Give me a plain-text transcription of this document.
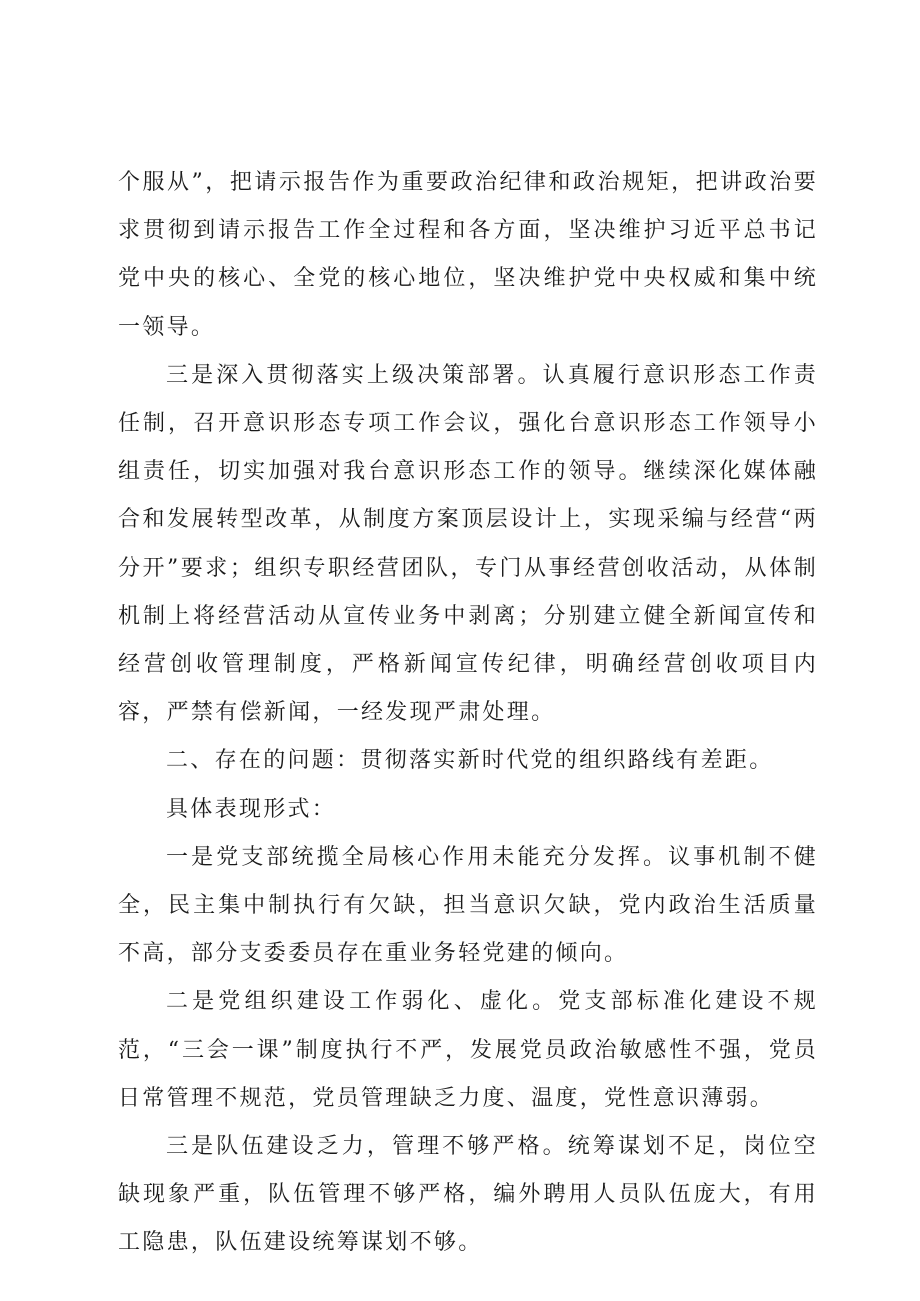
个服从”，把请示报告作为重要政治纪律和政治规矩，把讲政治要求贯彻到请示报告工作全过程和各方面，坚决维护习近平总书记党中央的核心、全党的核心地位，坚决维护党中央权威和集中统一领导。

三是深入贯彻落实上级决策部署。认真履行意识形态工作责任制，召开意识形态专项工作会议，强化台意识形态工作领导小组责任，切实加强对我台意识形态工作的领导。继续深化媒体融合和发展转型改革，从制度方案顶层设计上，实现采编与经营“两分开”要求；组织专职经营团队，专门从事经营创收活动，从体制机制上将经营活动从宣传业务中剥离；分别建立健全新闻宣传和经营创收管理制度，严格新闻宣传纪律，明确经营创收项目内容，严禁有偿新闻，一经发现严肃处理。

二、存在的问题：贯彻落实新时代党的组织路线有差距。

具体表现形式：

一是党支部统揽全局核心作用未能充分发挥。议事机制不健全，民主集中制执行有欠缺，担当意识欠缺，党内政治生活质量不高，部分支委委员存在重业务轻党建的倾向。

二是党组织建设工作弱化、虚化。党支部标准化建设不规范，“三会一课”制度执行不严，发展党员政治敏感性不强，党员日常管理不规范，党员管理缺乏力度、温度，党性意识薄弱。

三是队伍建设乏力，管理不够严格。统筹谋划不足，岗位空缺现象严重，队伍管理不够严格，编外聘用人员队伍庞大，有用工隐患，队伍建设统筹谋划不够。
